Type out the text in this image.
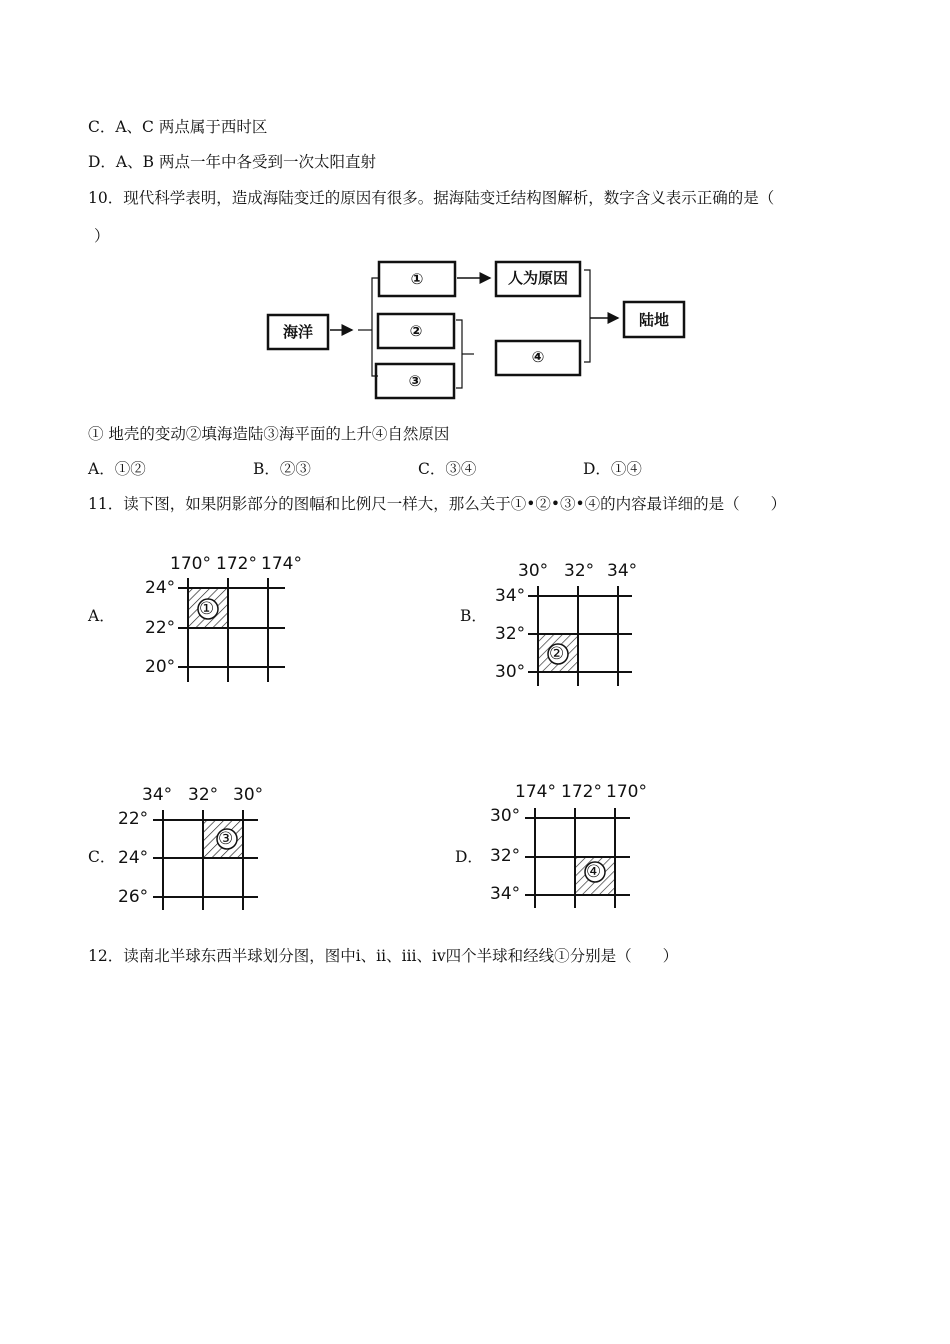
C．A、C 两点属于西时区
D．A、B 两点一年中各受到一次太阳直射
10．现代科学表明，造成海陆变迁的原因有很多。据海陆变迁结构图解析，数字含义表示正确的是（
）
海洋
①
②
③
人为原因
④
陆地
① 地壳的变动②填海造陆③海平面的上升④自然原因
A．①②	B．②③	C．③④	D．①④
11．读下图，如果阴影部分的图幅和比例尺一样大，那么关于①•②•③•④的内容最详细的是（　　）
A．
170° 172° 174°
24°
22°
20°
①	B．
30° 32° 34°
34°
32°
30°
②
C．
34° 32° 30°
22°
24°
26°
③
D．
174° 172° 170°
30°
32°
34°
④
12．读南北半球东西半球划分图，图中ⅰ、ⅱ、ⅲ、ⅳ四个半球和经线①分别是（　　）
